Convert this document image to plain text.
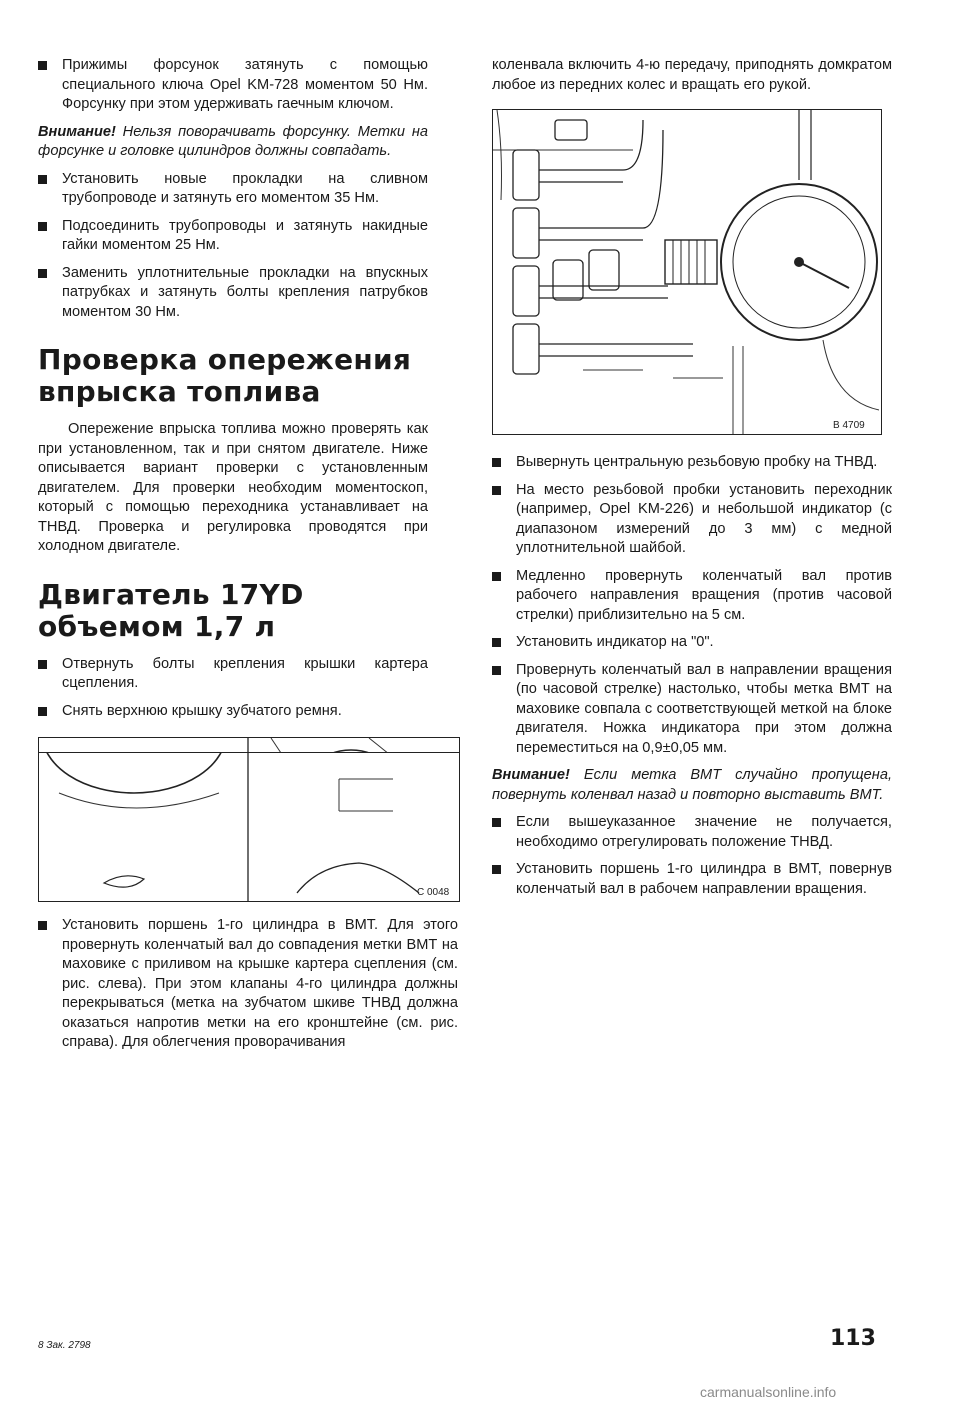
Прижимы форсунок затянуть с помощью специального ключа Opel KM-728 моментом 50 Нм. Форсунку при этом удерживать гаечным ключом.

Внимание! Нельзя поворачивать форсунку. Метки на форсунке и головке цилиндров должны совпадать.

Установить новые прокладки на сливном трубопроводе и затянуть его моментом 35 Нм.

Подсоединить трубопроводы и затянуть накидные гайки моментом 25 Нм.

Заменить уплотнительные прокладки на впускных патрубках и затянуть болты крепления патрубков моментом 30 Нм.

Проверка опережения впрыска топлива

Опережение впрыска топлива можно проверять как при установленном, так и при снятом двигателе. Ниже описывается вариант проверки с установленным двигателем. Для проверки необходим моментоскоп, который с помощью переходника устанавливает на ТНВД. Проверка и регулировка проводятся при холодном двигателе.

Двигатель 17YD объемом 1,7 л

Отвернуть болты крепления крышки картера сцепления.

Снять верхнюю крышку зубчатого ремня.

C 0048

Установить поршень 1-го цилиндра в ВМТ. Для этого провернуть коленчатый вал до совпадения метки ВМТ на маховике с приливом на крышке картера сцепления (см. рис. слева). При этом клапаны 4-го цилиндра должны перекрываться (метка на зубчатом шкиве ТНВД должна оказаться напротив метки на его кронштейне (см. рис. справа). Для облегчения проворачивания

коленвала включить 4-ю передачу, приподнять домкратом любое из передних колес и вращать его рукой.

B 4709

Вывернуть центральную резьбовую пробку на ТНВД.

На место резьбовой пробки установить переходник (например, Opel KM-226) и небольшой индикатор (с диапазоном измерений до 3 мм) с медной уплотнительной шайбой.

Медленно провернуть коленчатый вал против рабочего направления вращения (против часовой стрелки) приблизительно на 5 см.

Установить индикатор на "0".

Провернуть коленчатый вал в направлении вращения (по часовой стрелке) настолько, чтобы метка ВМТ на маховике совпала с соответствующей меткой на блоке двигателя. Ножка индикатора при этом должна переместиться на 0,9±0,05 мм.

Внимание! Если метка ВМТ случайно пропущена, повернуть коленвал назад и повторно выставить ВМТ.

Если вышеуказанное значение не получается, необходимо отрегулировать положение ТНВД.

Установить поршень 1-го цилиндра в ВМТ, повернув коленчатый вал в рабочем направлении вращения.

8 Зак. 2798	113
carmanualsonline.info
